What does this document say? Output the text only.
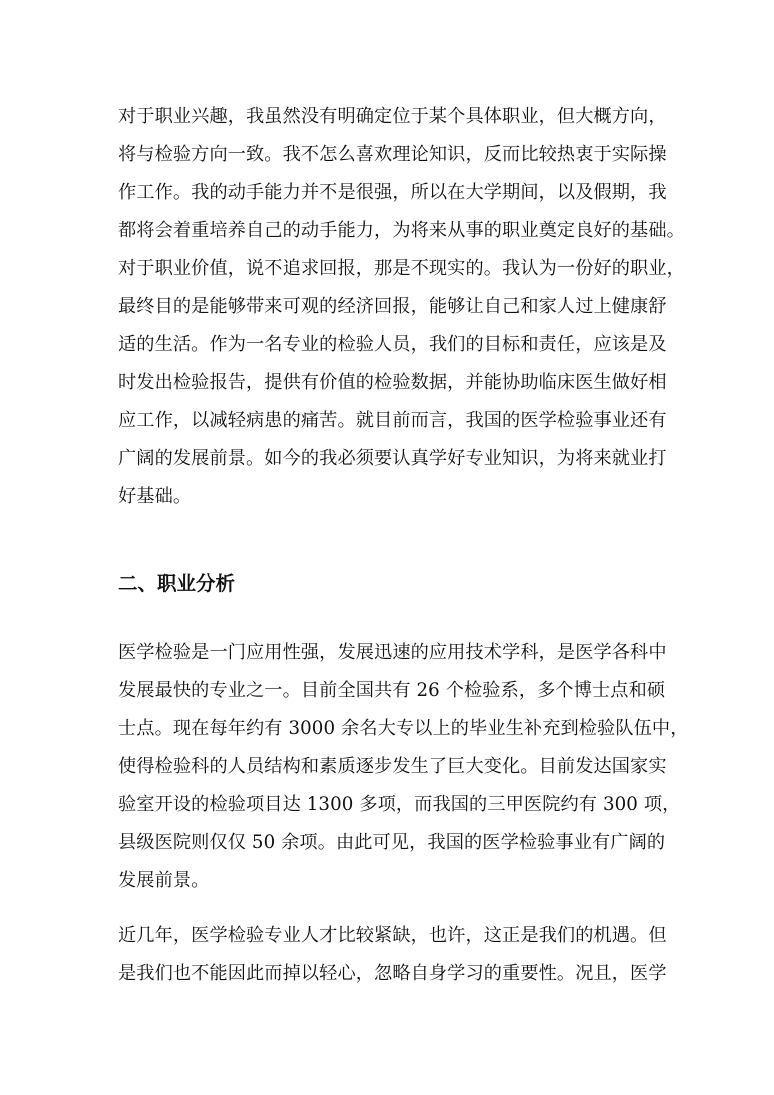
对于职业兴趣，我虽然没有明确定位于某个具体职业，但大概方向，
将与检验方向一致。我不怎么喜欢理论知识，反而比较热衷于实际操
作工作。我的动手能力并不是很强，所以在大学期间，以及假期，我
都将会着重培养自己的动手能力，为将来从事的职业奠定良好的基础。
对于职业价值，说不追求回报，那是不现实的。我认为一份好的职业，
最终目的是能够带来可观的经济回报，能够让自己和家人过上健康舒
适的生活。作为一名专业的检验人员，我们的目标和责任，应该是及
时发出检验报告，提供有价值的检验数据，并能协助临床医生做好相
应工作，以减轻病患的痛苦。就目前而言，我国的医学检验事业还有
广阔的发展前景。如今的我必须要认真学好专业知识，为将来就业打
好基础。
二、职业分析
医学检验是一门应用性强，发展迅速的应用技术学科，是医学各科中
发展最快的专业之一。目前全国共有 26 个检验系，多个博士点和硕
士点。现在每年约有 3000 余名大专以上的毕业生补充到检验队伍中，
使得检验科的人员结构和素质逐步发生了巨大变化。目前发达国家实
验室开设的检验项目达 1300 多项，而我国的三甲医院约有 300 项，
县级医院则仅仅 50 余项。由此可见，我国的医学检验事业有广阔的
发展前景。
近几年，医学检验专业人才比较紧缺，也许，这正是我们的机遇。但
是我们也不能因此而掉以轻心，忽略自身学习的重要性。况且，医学
